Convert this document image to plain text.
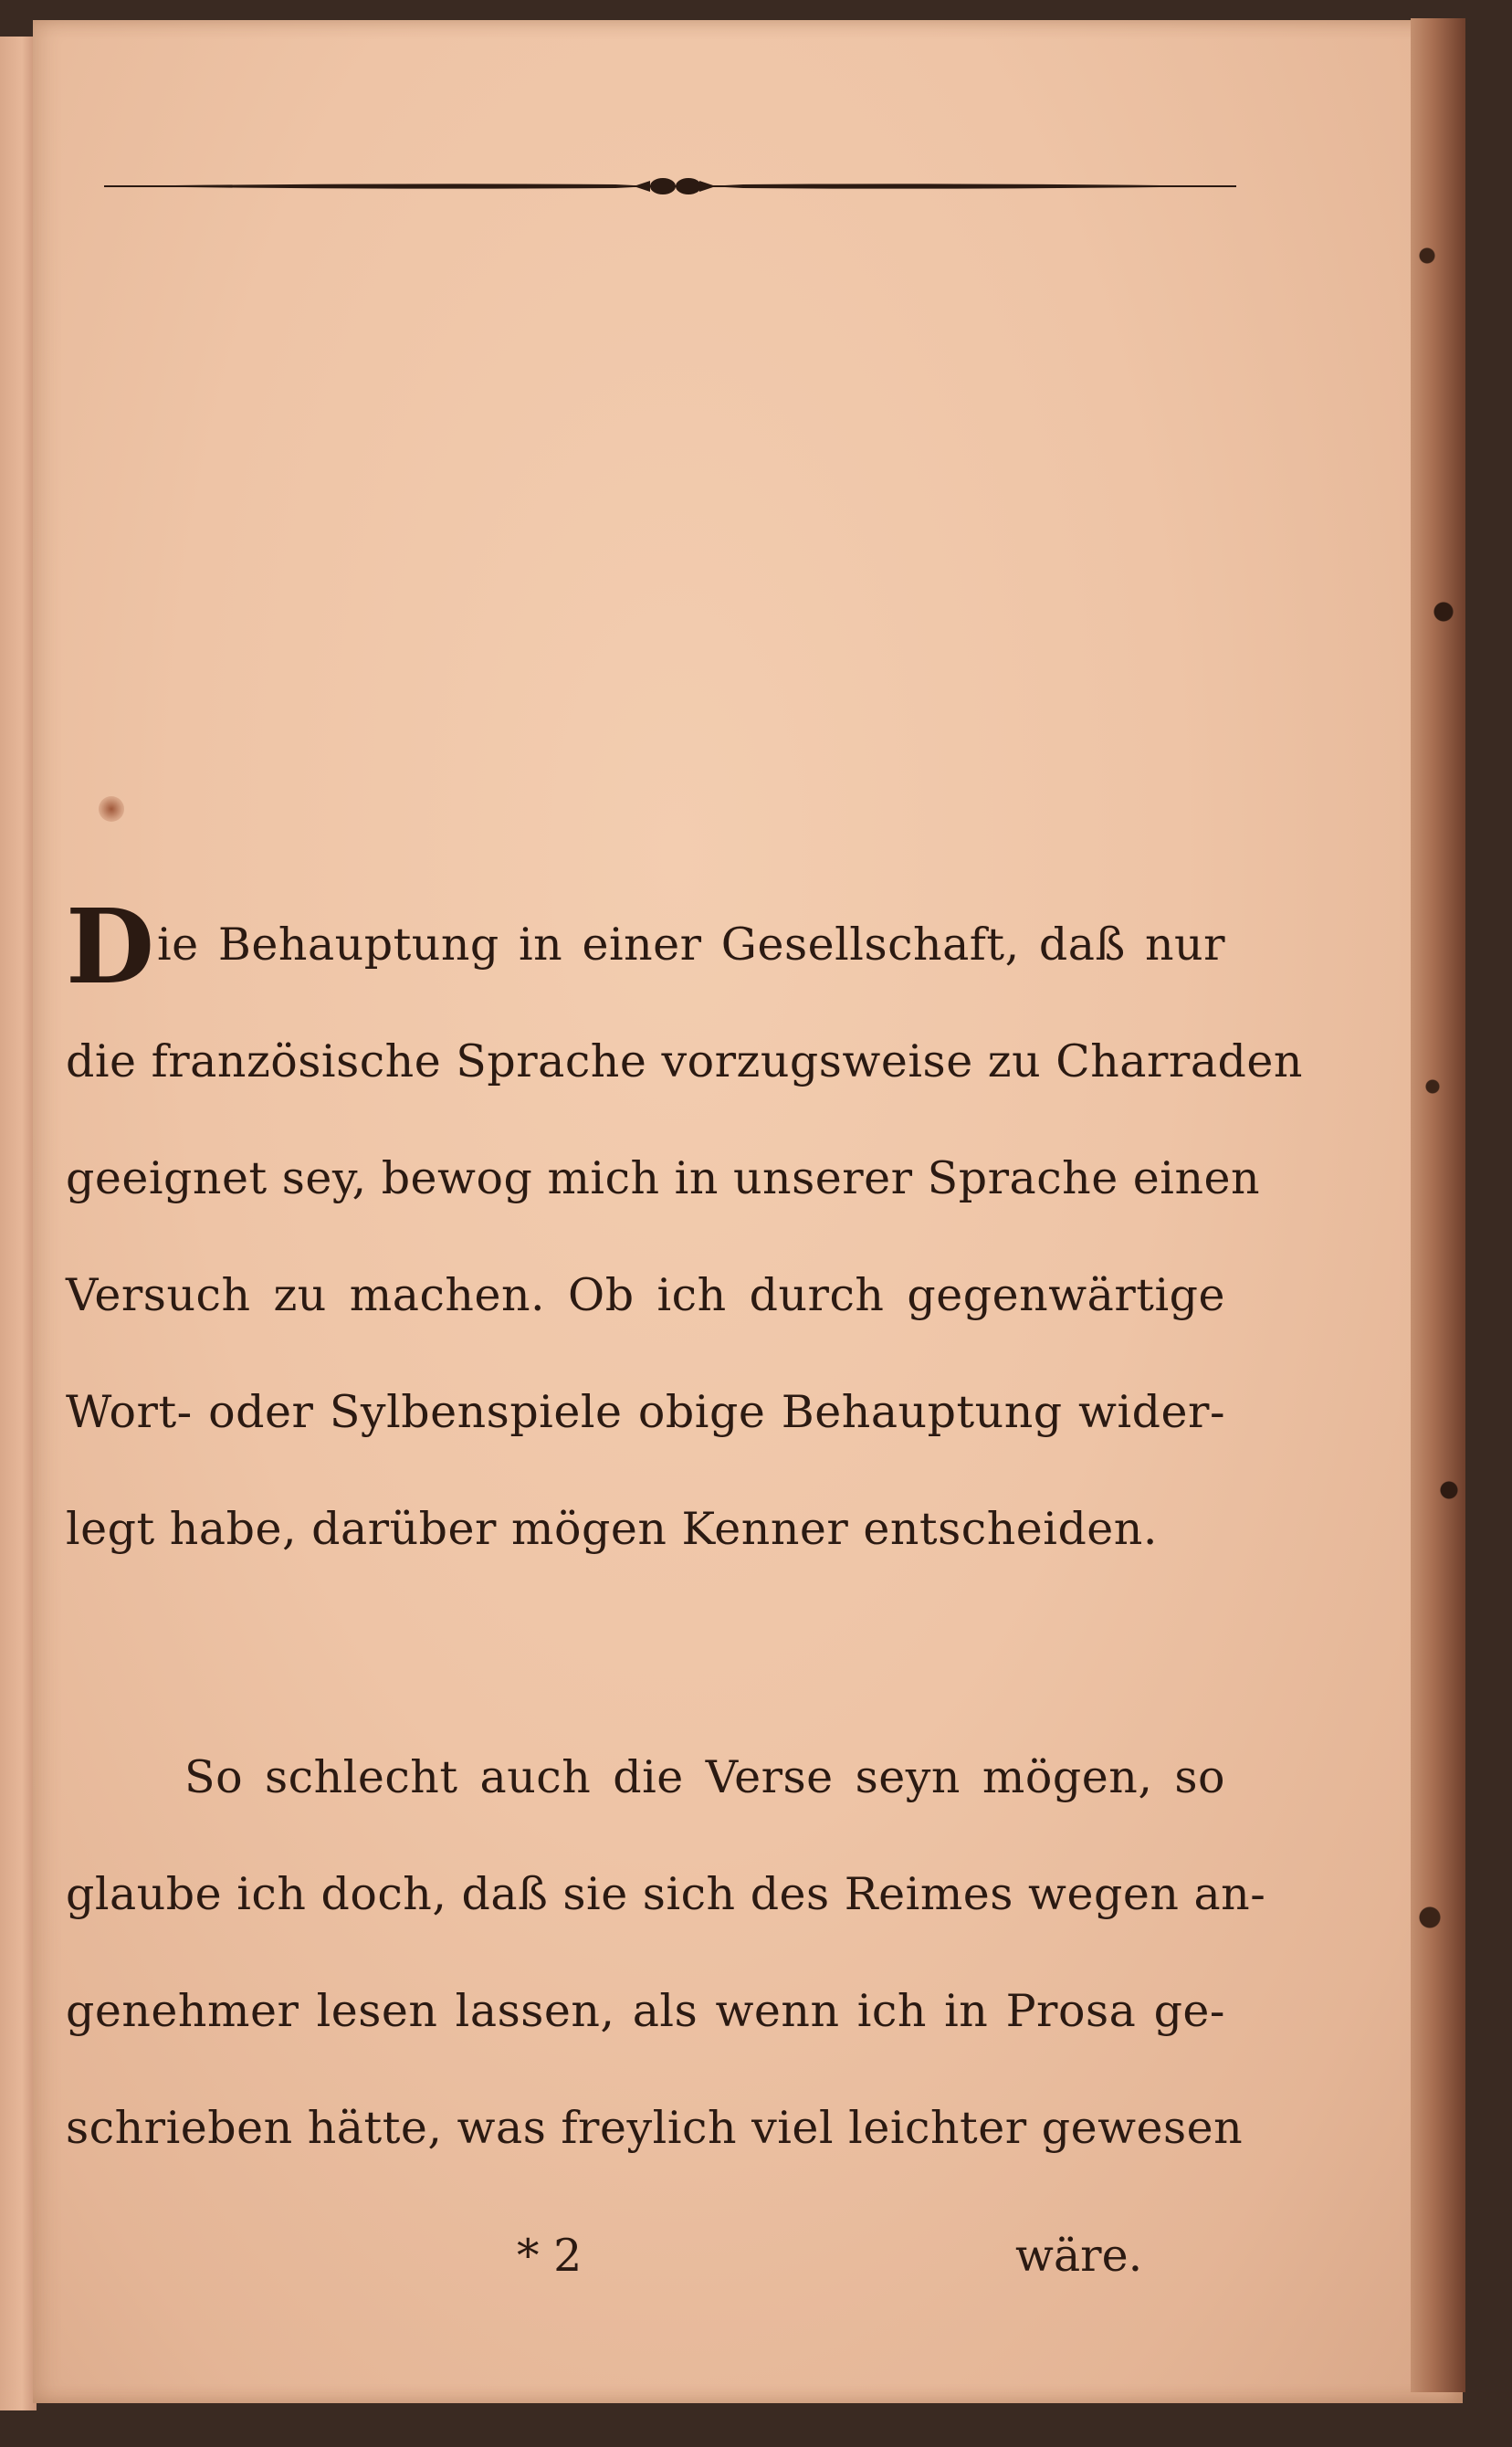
D ie Behauptung in einer Gesellschaft, daß nur
die französische Sprache vorzugsweise zu Charraden
geeignet sey, bewog mich in unserer Sprache einen
Versuch zu machen. Ob ich durch gegenwärtige
Wort- oder Sylbenspiele obige Behauptung wider-
legt habe, darüber mögen Kenner entscheiden.
So schlecht auch die Verse seyn mögen, so
glaube ich doch, daß sie sich des Reimes wegen an-
genehmer lesen lassen, als wenn ich in Prosa ge-
schrieben hätte, was freylich viel leichter gewesen
* 2	wäre.
